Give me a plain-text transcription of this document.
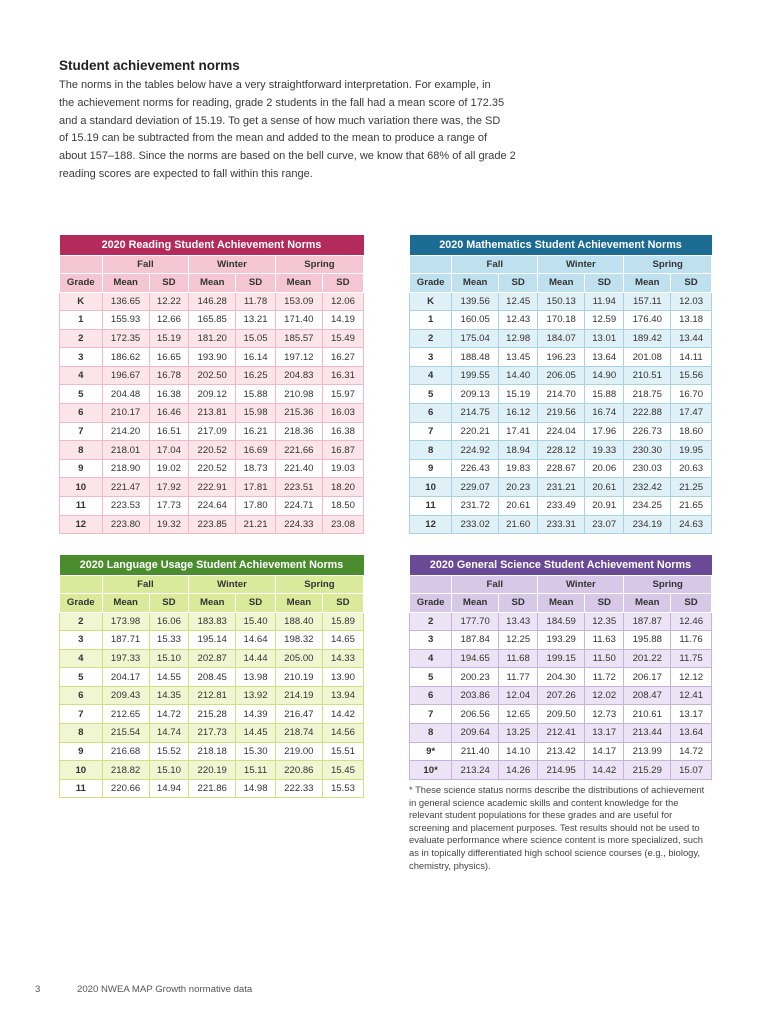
Student achievement norms

The norms in the tables below have a very straightforward interpretation. For example, in
the achievement norms for reading, grade 2 students in the fall had a mean score of 172.35
and a standard deviation of 15.19. To get a sense of how much variation there was, the SD
of 15.19 can be subtracted from the mean and added to the mean to produce a range of
about 157–188. Since the norms are based on the bell curve, we know that 68% of all grade 2
reading scores are expected to fall within this range.

2020 Reading Student Achievement Norms						
	Fall		Winter		Spring	
Grade	Mean	SD	Mean	SD	Mean	SD
K	136.65	12.22	146.28	11.78	153.09	12.06
1	155.93	12.66	165.85	13.21	171.40	14.19
2	172.35	15.19	181.20	15.05	185.57	15.49
3	186.62	16.65	193.90	16.14	197.12	16.27
4	196.67	16.78	202.50	16.25	204.83	16.31
5	204.48	16.38	209.12	15.88	210.98	15.97
6	210.17	16.46	213.81	15.98	215.36	16.03
7	214.20	16.51	217.09	16.21	218.36	16.38
8	218.01	17.04	220.52	16.69	221.66	16.87
9	218.90	19.02	220.52	18.73	221.40	19.03
10	221.47	17.92	222.91	17.81	223.51	18.20
11	223.53	17.73	224.64	17.80	224.71	18.50
12	223.80	19.32	223.85	21.21	224.33	23.08
2020 Mathematics Student Achievement Norms						
	Fall		Winter		Spring	
Grade	Mean	SD	Mean	SD	Mean	SD
K	139.56	12.45	150.13	11.94	157.11	12.03
1	160.05	12.43	170.18	12.59	176.40	13.18
2	175.04	12.98	184.07	13.01	189.42	13.44
3	188.48	13.45	196.23	13.64	201.08	14.11
4	199.55	14.40	206.05	14.90	210.51	15.56
5	209.13	15.19	214.70	15.88	218.75	16.70
6	214.75	16.12	219.56	16.74	222.88	17.47
7	220.21	17.41	224.04	17.96	226.73	18.60
8	224.92	18.94	228.12	19.33	230.30	19.95
9	226.43	19.83	228.67	20.06	230.03	20.63
10	229.07	20.23	231.21	20.61	232.42	21.25
11	231.72	20.61	233.49	20.91	234.25	21.65
12	233.02	21.60	233.31	23.07	234.19	24.63
2020 Language Usage Student Achievement Norms						
	Fall		Winter		Spring	
Grade	Mean	SD	Mean	SD	Mean	SD
2	173.98	16.06	183.83	15.40	188.40	15.89
3	187.71	15.33	195.14	14.64	198.32	14.65
4	197.33	15.10	202.87	14.44	205.00	14.33
5	204.17	14.55	208.45	13.98	210.19	13.90
6	209.43	14.35	212.81	13.92	214.19	13.94
7	212.65	14.72	215.28	14.39	216.47	14.42
8	215.54	14.74	217.73	14.45	218.74	14.56
9	216.68	15.52	218.18	15.30	219.00	15.51
10	218.82	15.10	220.19	15.11	220.86	15.45
11	220.66	14.94	221.86	14.98	222.33	15.53
2020 General Science Student Achievement Norms						
	Fall		Winter		Spring	
Grade	Mean	SD	Mean	SD	Mean	SD
2	177.70	13.43	184.59	12.35	187.87	12.46
3	187.84	12.25	193.29	11.63	195.88	11.76
4	194.65	11.68	199.15	11.50	201.22	11.75
5	200.23	11.77	204.30	11.72	206.17	12.12
6	203.86	12.04	207.26	12.02	208.47	12.41
7	206.56	12.65	209.50	12.73	210.61	13.17
8	209.64	13.25	212.41	13.17	213.44	13.64
9*	211.40	14.10	213.42	14.17	213.99	14.72
10*	213.24	14.26	214.95	14.42	215.29	15.07

* These science status norms describe the distributions of achievement in general science academic skills and content knowledge for the relevant student populations for these grades and are useful for screening and placement purposes. Test results should not be used to evaluate performance where science content is more specialized, such as in topically differentiated high school science courses (e.g., biology, chemistry, physics).

3	2020 NWEA MAP Growth normative data
